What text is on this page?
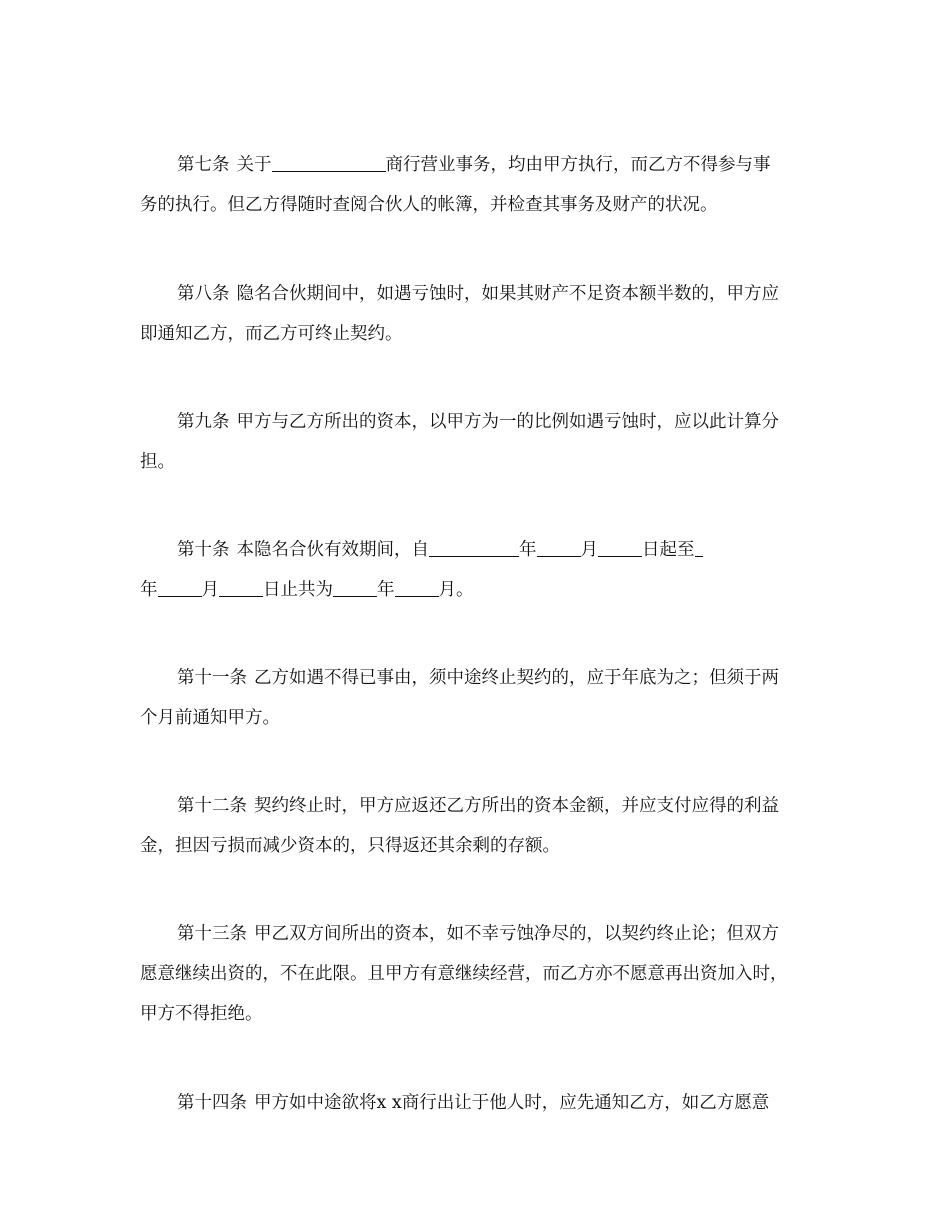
第七条 关于	商行营业事务，均由甲方执行，而乙方不得参与事
务的执行。但乙方得随时查阅合伙人的帐簿，并检查其事务及财产的状况。
第八条 隐名合伙期间中，如遇亏蚀时，如果其财产不足资本额半数的，甲方应
即通知乙方，而乙方可终止契约。
第九条 甲方与乙方所出的资本，以甲方为一的比例如遇亏蚀时，应以此计算分
担。
第十条 本隐名合伙有效期间，自	年	月	日起至
年	月	日止共为	年	月。
第十一条 乙方如遇不得已事由，须中途终止契约的，应于年底为之；但须于两
个月前通知甲方。
第十二条 契约终止时，甲方应返还乙方所出的资本金额，并应支付应得的利益
金，担因亏损而减少资本的，只得返还其余剩的存额。
第十三条 甲乙双方间所出的资本，如不幸亏蚀净尽的，以契约终止论；但双方
愿意继续出资的，不在此限。且甲方有意继续经营，而乙方亦不愿意再出资加入时，
甲方不得拒绝。
第十四条 甲方如中途欲将x x商行出让于他人时，应先通知乙方，如乙方愿意
